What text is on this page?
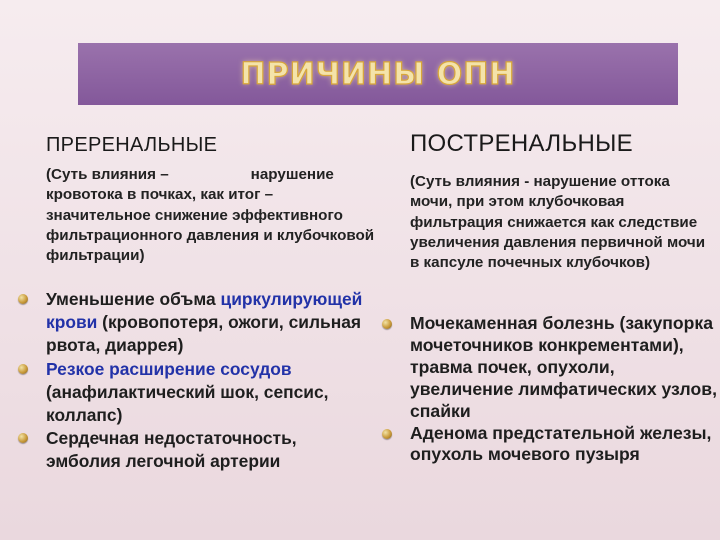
ПРИЧИНЫ ОПН
ПРЕРЕНАЛЬНЫЕ
(Суть влияния –	нарушение кровотока в почках, как итог – значительное снижение эффективного фильтрационного давления и клубочковой фильтрации)
Уменьшение объма циркулирующей крови (кровопотеря, ожоги, сильная рвота, диаррея)
Резкое расширение сосудов (анафилактический шок, сепсис, коллапс)
Сердечная недостаточность, эмболия легочной артерии
ПОСТРЕНАЛЬНЫЕ
(Суть влияния - нарушение оттока мочи, при этом клубочковая фильтрация снижается как следствие увеличения давления первичной мочи в капсуле почечных клубочков)
Мочекаменная болезнь (закупорка мочеточников конкрементами), травма почек, опухоли, увеличение лимфатических узлов, спайки
Аденома предстательной железы, опухоль мочевого пузыря
